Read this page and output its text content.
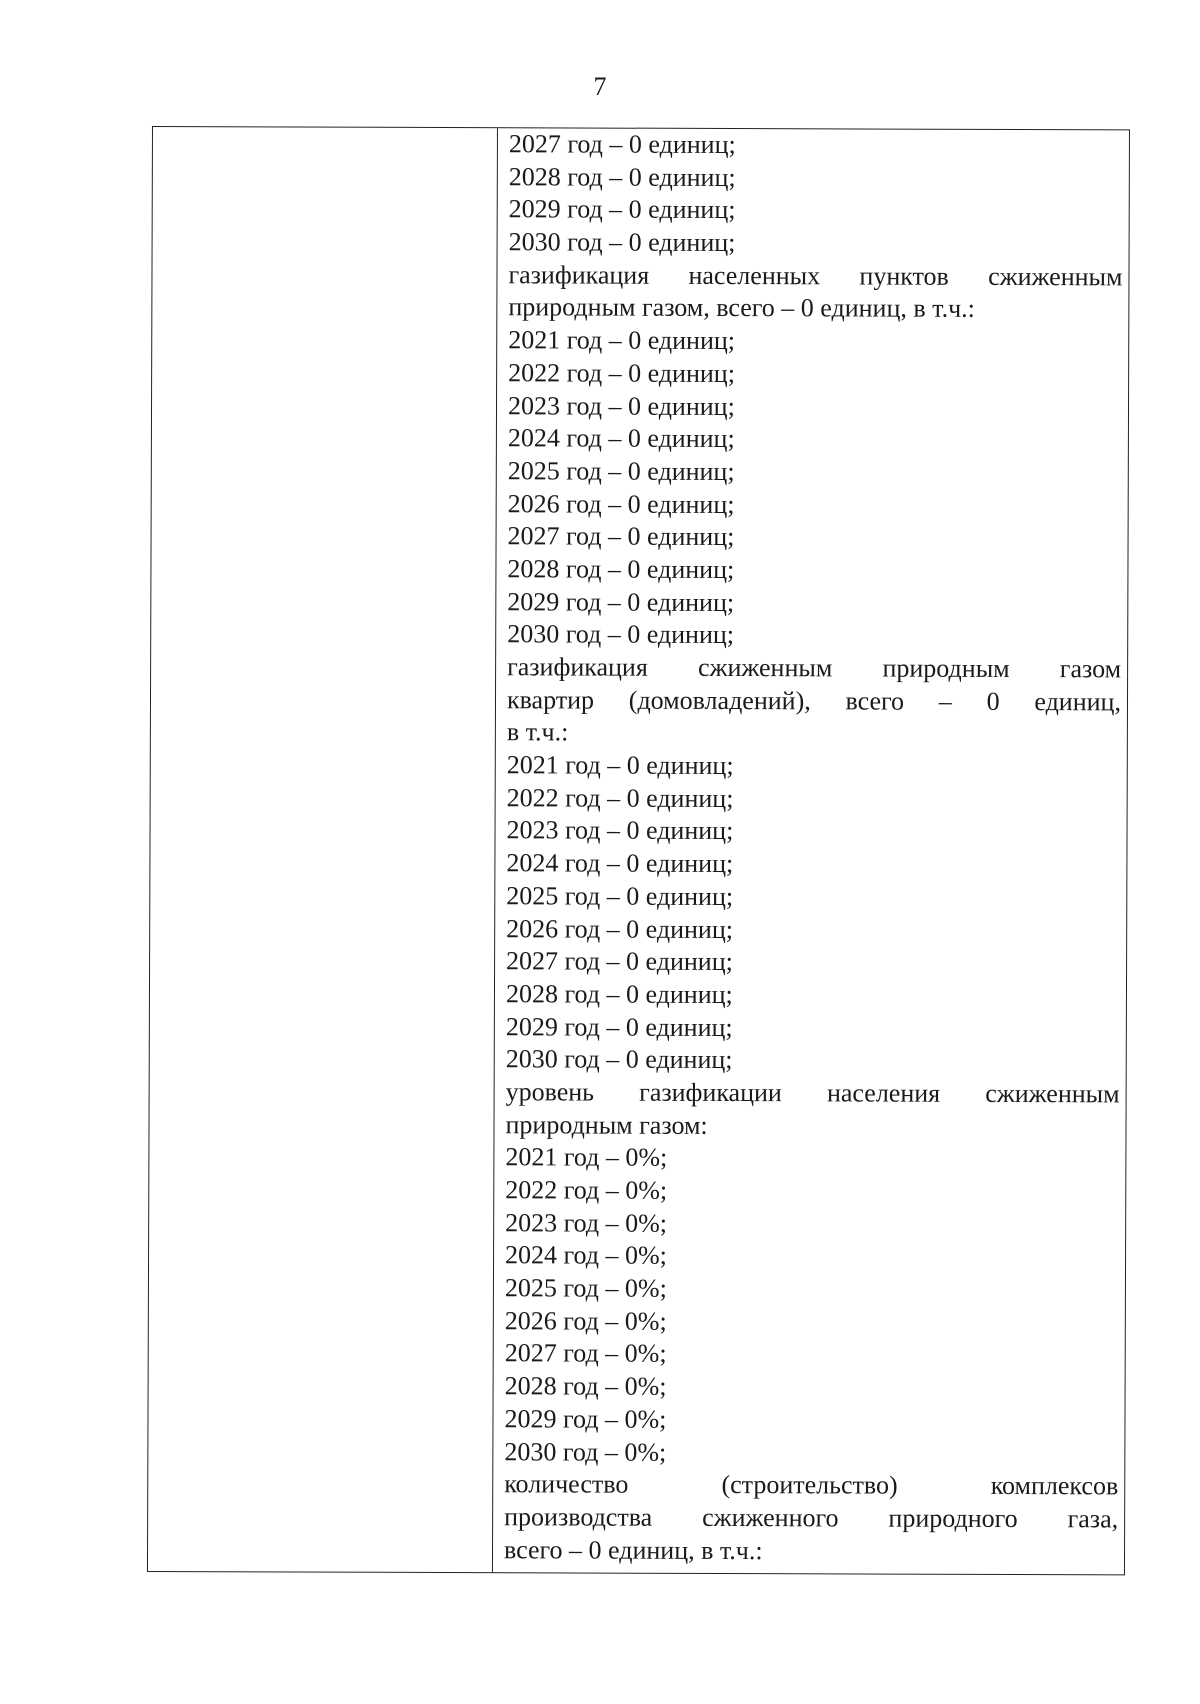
7
2027 год – 0 единиц;
2028 год – 0 единиц;
2029 год – 0 единиц;
2030 год – 0 единиц;
газификация населенных пунктов сжиженным
природным газом, всего – 0 единиц, в т.ч.:
2021 год – 0 единиц;
2022 год – 0 единиц;
2023 год – 0 единиц;
2024 год – 0 единиц;
2025 год – 0 единиц;
2026 год – 0 единиц;
2027 год – 0 единиц;
2028 год – 0 единиц;
2029 год – 0 единиц;
2030 год – 0 единиц;
газификация сжиженным природным газом
квартир (домовладений), всего – 0 единиц,
в т.ч.:
2021 год – 0 единиц;
2022 год – 0 единиц;
2023 год – 0 единиц;
2024 год – 0 единиц;
2025 год – 0 единиц;
2026 год – 0 единиц;
2027 год – 0 единиц;
2028 год – 0 единиц;
2029 год – 0 единиц;
2030 год – 0 единиц;
уровень газификации населения сжиженным
природным газом:
2021 год – 0%;
2022 год – 0%;
2023 год – 0%;
2024 год – 0%;
2025 год – 0%;
2026 год – 0%;
2027 год – 0%;
2028 год – 0%;
2029 год – 0%;
2030 год – 0%;
количество (строительство) комплексов
производства сжиженного природного газа,
всего – 0 единиц, в т.ч.:
